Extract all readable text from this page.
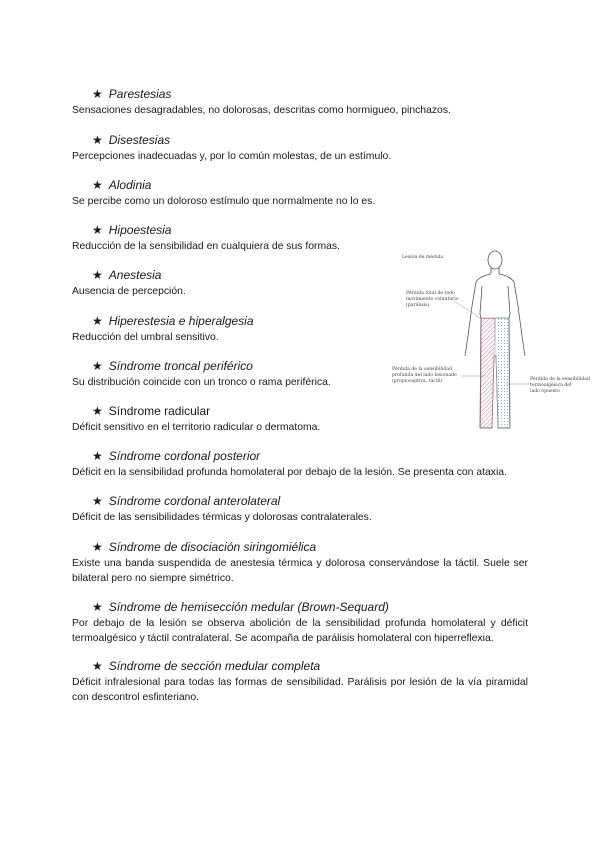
★ Parestesias
Sensaciones desagradables, no dolorosas, descritas como hormigueo, pinchazos.
★ Disestesias
Percepciones inadecuadas y, por lo común molestas, de un estímulo.
★ Alodinia
Se percibe como un doloroso estímulo que normalmente no lo es.
★ Hipoestesia
Reducción de la sensibilidad en cualquiera de sus formas.
★ Anestesia
Ausencia de percepción.
★ Hiperestesia e hiperalgesia
Reducción del umbral sensitivo.
★ Síndrome troncal periférico
Su distribución coincide con un tronco o rama periférica.
★ Síndrome radicular
Déficit sensitivo en el territorio radicular o dermatoma.
★ Síndrome cordonal posterior
Déficit en la sensibilidad profunda homolateral por debajo de la lesión. Se presenta con ataxia.
★ Síndrome cordonal anterolateral
Déficit de las sensibilidades térmicas y dolorosas contralaterales.
★ Síndrome de disociación siringomiélica
Existe una banda suspendida de anestesia térmica y dolorosa conservándose la táctil. Suele ser bilateral pero no siempre simétrico.
★ Síndrome de hemisección medular (Brown-Sequard)
Por debajo de la lesión se observa abolición de la sensibilidad profunda homolateral y déficit termoalgésico y táctil contralateral. Se acompaña de parálisis homolateral con hiperreflexia.
★ Síndrome de sección medular completa
Déficit infralesional para todas las formas de sensibilidad. Parálisis por lesión de la vía piramidal con descontrol esfinteriano.
Lesión de médula
Pérdida total de todo
movimiento voluntario
(parálisis)
Pérdida de la sensibilidad
profunda del lado lesionado
(propioceptiva, táctil)	Pérdida de la sensibilidad
termoalgésica del
lado opuesto
